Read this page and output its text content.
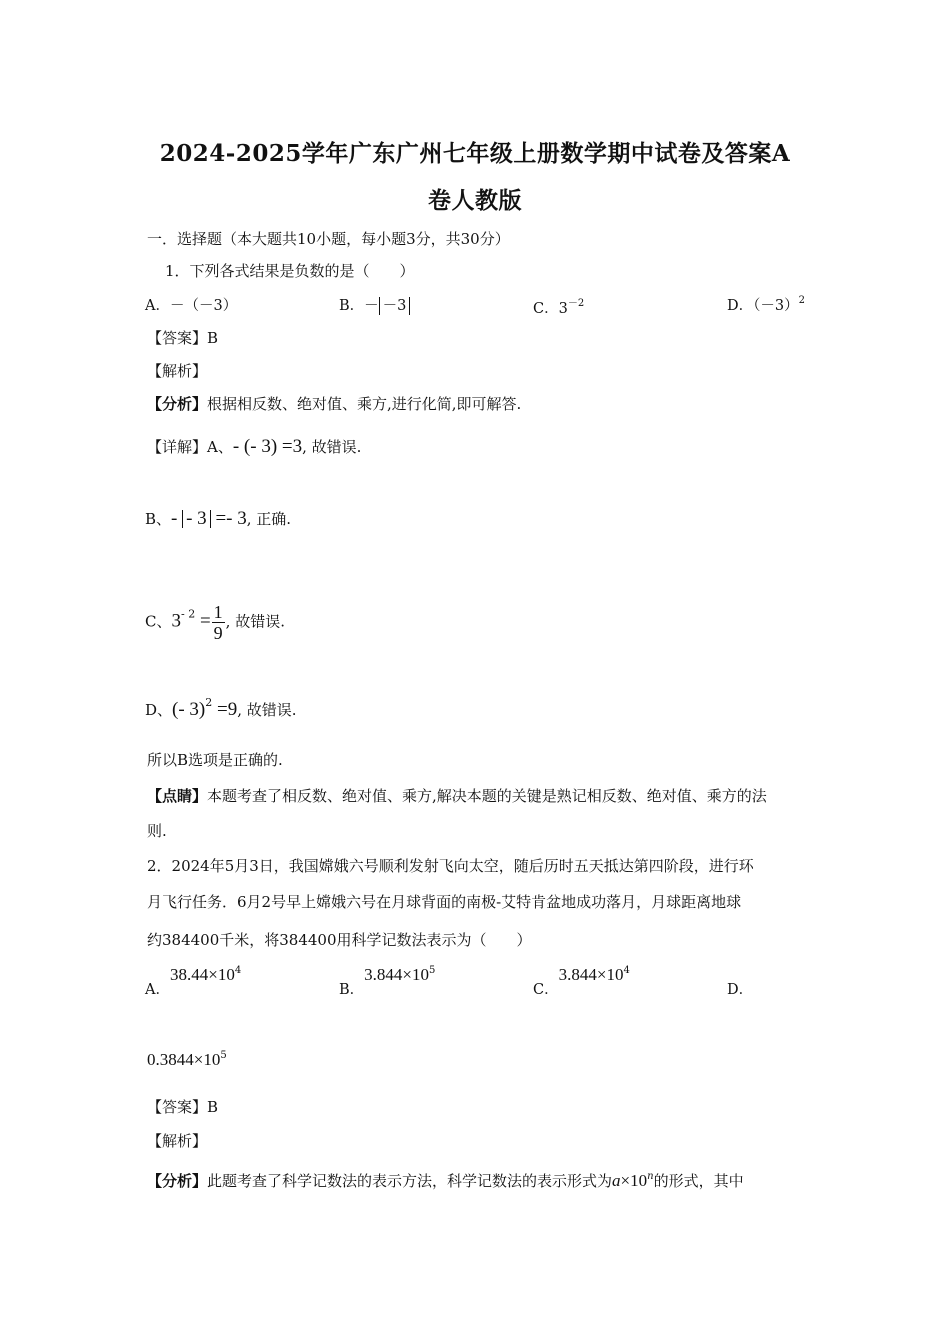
2024-2025学年广东广州七年级上册数学期中试卷及答案A
卷人教版
一．选择题（本大题共10小题，每小题3分，共30分）
1．下列各式结果是负数的是（　　）
A．－（－3）	B．－ －3	C．$3^{-2}$	D．$(-3)^2$
【答案】B
【解析】
【分析】根据相反数、绝对值、乘方,进行化简,即可解答.
【详解】A、- (- 3) =3, 故错误.
B、- - 3 =- 3, 正确.
C、$3^{- 2} = \frac{1}{9}$ , 故错误.
D、(- 3)$^2$ =9, 故错误.
所以B选项是正确的.
【点睛】本题考查了相反数、绝对值、乘方,解决本题的关键是熟记相反数、绝对值、乘方的法
则.
2．2024年5月3日，我国嫦娥六号顺利发射飞向太空，随后历时五天抵达第四阶段，进行环
月飞行任务．6月2号早上嫦娥六号在月球背面的南极-艾特肯盆地成功落月，月球距离地球
约384400千米，将384400用科学记数法表示为（　　）
A．$38.44\times 10^4$
B．$3.844\times 10^5$
C．$3.844\times 10^4$
D．
$0.3844\times 10^5$
【答案】B
【解析】
【分析】此题考查了科学记数法的表示方法，科学记数法的表示形式为$a\times 10^n$的形式，其中
